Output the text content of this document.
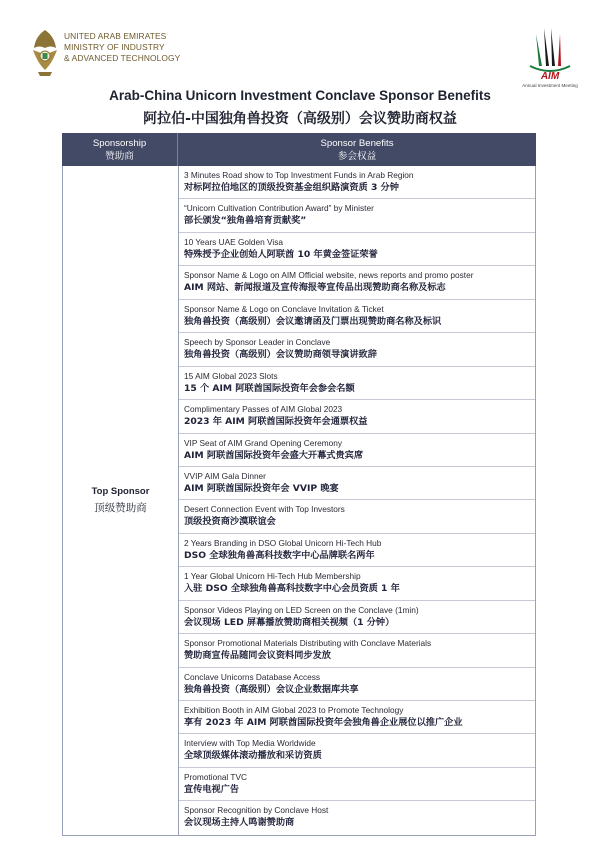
UNITED ARAB EMIRATES
MINISTRY OF INDUSTRY
& ADVANCED TECHNOLOGY
AIM
Annual Investment Meeting
Arab-China Unicorn Investment Conclave Sponsor Benefits
阿拉伯-中国独角兽投资（高级别）会议赞助商权益
Sponsorship
赞助商
Sponsor Benefits
参会权益
Top Sponsor
顶级赞助商
3 Minutes Road show to Top Investment Funds in Arab Region
对标阿拉伯地区的顶级投资基金组织路演资质 3 分钟
“Unicorn Cultivation Contribution Award” by Minister
部长颁发“独角兽培育贡献奖”
10 Years UAE Golden Visa
特殊授予企业创始人阿联酋 10 年黄金签证荣誉
Sponsor Name & Logo on AIM Official website, news reports and promo poster
AIM 网站、新闻报道及宣传海报等宣传品出现赞助商名称及标志
Sponsor Name & Logo on Conclave Invitation & Ticket
独角兽投资（高级别）会议邀请函及门票出现赞助商名称及标识
Speech by Sponsor Leader in Conclave
独角兽投资（高级别）会议赞助商领导演讲致辞
15 AIM Global 2023 Slots
15 个 AIM 阿联酋国际投资年会参会名额
Complimentary Passes of AIM Global 2023
2023 年 AIM 阿联酋国际投资年会通票权益
VIP Seat of AIM Grand Opening Ceremony
AIM 阿联酋国际投资年会盛大开幕式贵宾席
VVIP AIM Gala Dinner
AIM 阿联酋国际投资年会 VVIP 晚宴
Desert Connection Event with Top Investors
顶级投资商沙漠联谊会
2 Years Branding in DSO Global Unicorn Hi-Tech Hub
DSO 全球独角兽高科技数字中心品牌联名两年
1 Year Global Unicorn Hi-Tech Hub Membership
入驻 DSO 全球独角兽高科技数字中心会员资质 1 年
Sponsor Videos Playing on LED Screen on the Conclave (1min)
会议现场 LED 屏幕播放赞助商相关视频（1 分钟）
Sponsor Promotional Materials Distributing with Conclave Materials
赞助商宣传品随同会议资料同步发放
Conclave Unicorns Database Access
独角兽投资（高级别）会议企业数据库共享
Exhibition Booth in AIM Global 2023 to Promote Technology
享有 2023 年 AIM 阿联酋国际投资年会独角兽企业展位以推广企业
Interview with Top Media Worldwide
全球顶级媒体滚动播放和采访资质
Promotional TVC
宣传电视广告
Sponsor Recognition by Conclave Host
会议现场主持人鸣谢赞助商
